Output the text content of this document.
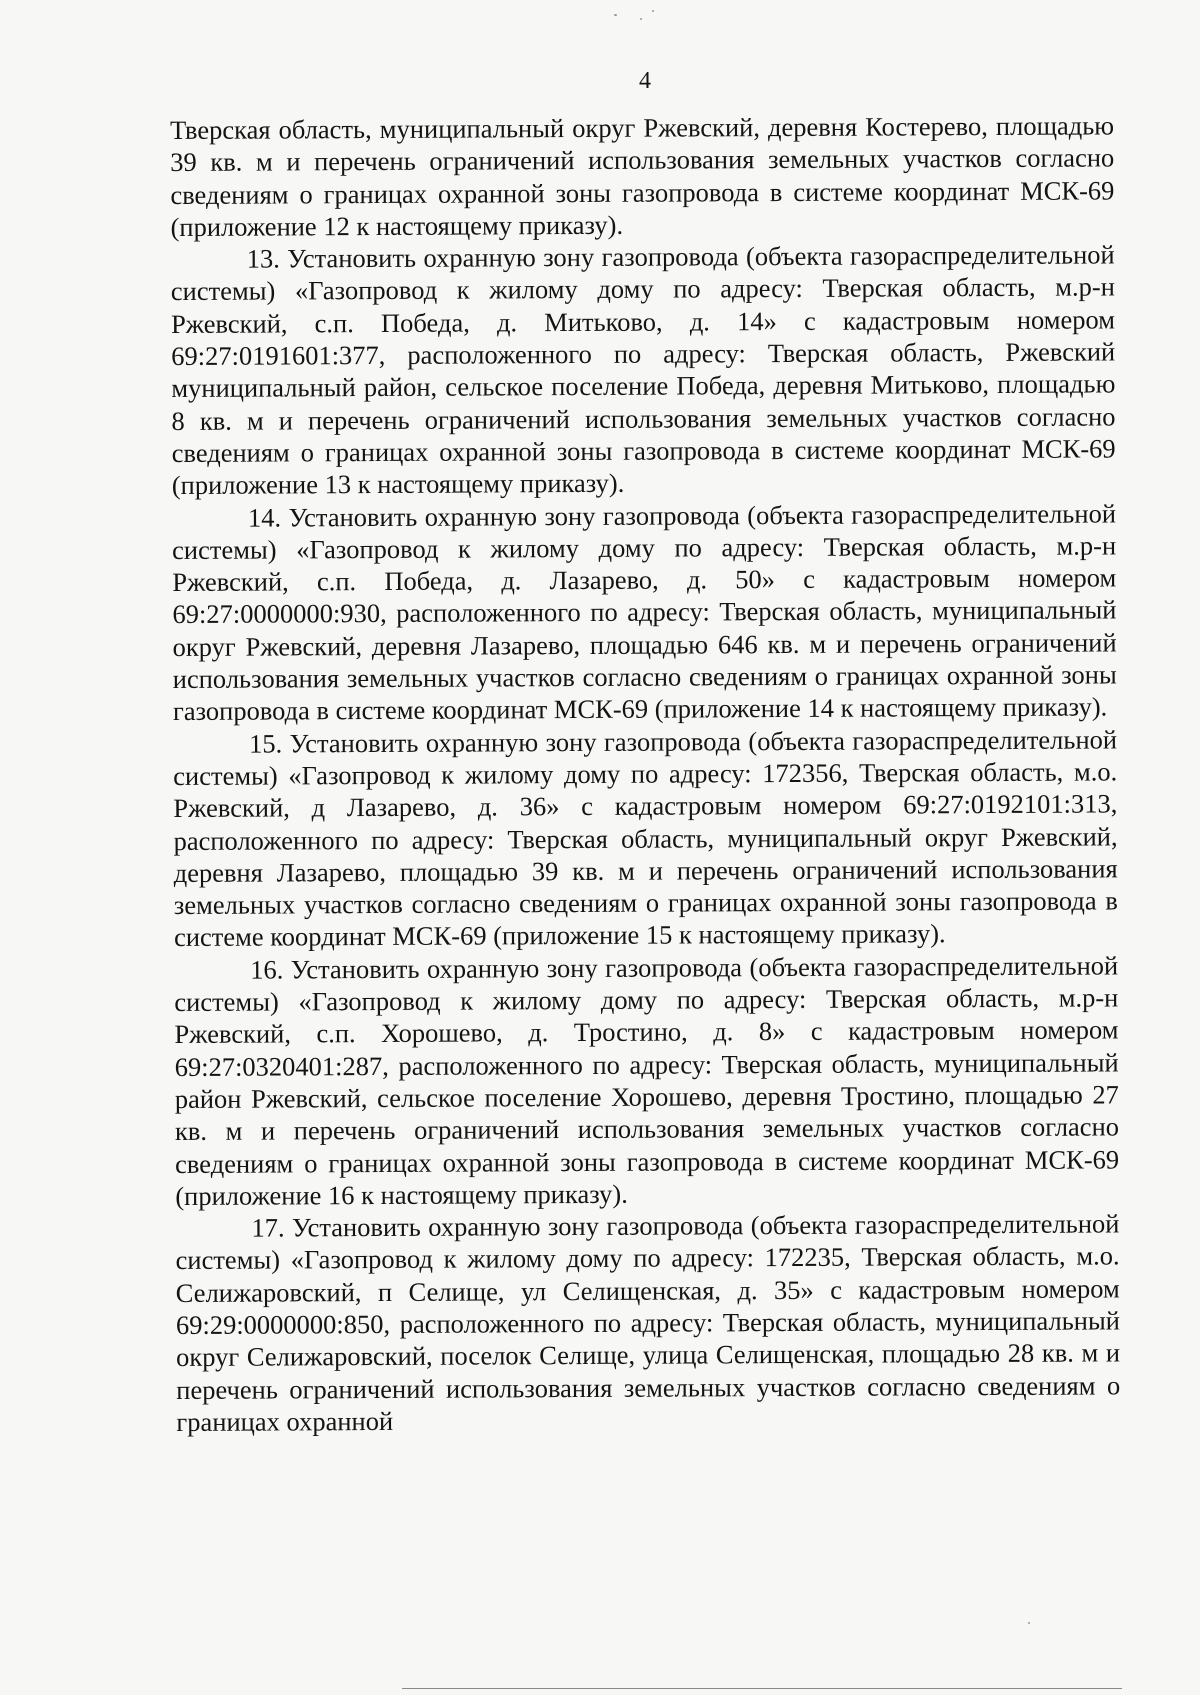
4

Тверская область, муниципальный округ Ржевский, деревня Костерево, площадью 39 кв. м и перечень ограничений использования земельных участков согласно сведениям о границах охранной зоны газопровода в системе координат МСК-69 (приложение 12 к настоящему приказу).

13. Установить охранную зону газопровода (объекта газораспределительной системы) «Газопровод к жилому дому по адресу: Тверская область, м.р-н Ржевский, с.п. Победа, д. Митьково, д. 14» с кадастровым номером 69:27:0191601:377, расположенного по адресу: Тверская область, Ржевский муниципальный район, сельское поселение Победа, деревня Митьково, площадью 8 кв. м и перечень ограничений использования земельных участков согласно сведениям о границах охранной зоны газопровода в системе координат МСК-69 (приложение 13 к настоящему приказу).

14. Установить охранную зону газопровода (объекта газораспределительной системы) «Газопровод к жилому дому по адресу: Тверская область, м.р-н Ржевский, с.п. Победа, д. Лазарево, д. 50» с кадастровым номером 69:27:0000000:930, расположенного по адресу: Тверская область, муниципальный округ Ржевский, деревня Лазарево, площадью 646 кв. м и перечень ограничений использования земельных участков согласно сведениям о границах охранной зоны газопровода в системе координат МСК-69 (приложение 14 к настоящему приказу).

15. Установить охранную зону газопровода (объекта газораспределительной системы) «Газопровод к жилому дому по адресу: 172356, Тверская область, м.о. Ржевский, д Лазарево, д. 36» с кадастровым номером 69:27:0192101:313, расположенного по адресу: Тверская область, муниципальный округ Ржевский, деревня Лазарево, площадью 39 кв. м и перечень ограничений использования земельных участков согласно сведениям о границах охранной зоны газопровода в системе координат МСК-69 (приложение 15 к настоящему приказу).

16. Установить охранную зону газопровода (объекта газораспределительной системы) «Газопровод к жилому дому по адресу: Тверская область, м.р-н Ржевский, с.п. Хорошево, д. Тростино, д. 8» с кадастровым номером 69:27:0320401:287, расположенного по адресу: Тверская область, муниципальный район Ржевский, сельское поселение Хорошево, деревня Тростино, площадью 27 кв. м и перечень ограничений использования земельных участков согласно сведениям о границах охранной зоны газопровода в системе координат МСК-69 (приложение 16 к настоящему приказу).

17. Установить охранную зону газопровода (объекта газораспределительной системы) «Газопровод к жилому дому по адресу: 172235, Тверская область, м.о. Селижаровский, п Селище, ул Селищенская, д. 35» с кадастровым номером 69:29:0000000:850, расположенного по адресу: Тверская область, муниципальный округ Селижаровский, поселок Селище, улица Селищенская, площадью 28 кв. м и перечень ограничений использования земельных участков согласно сведениям о границах охранной
